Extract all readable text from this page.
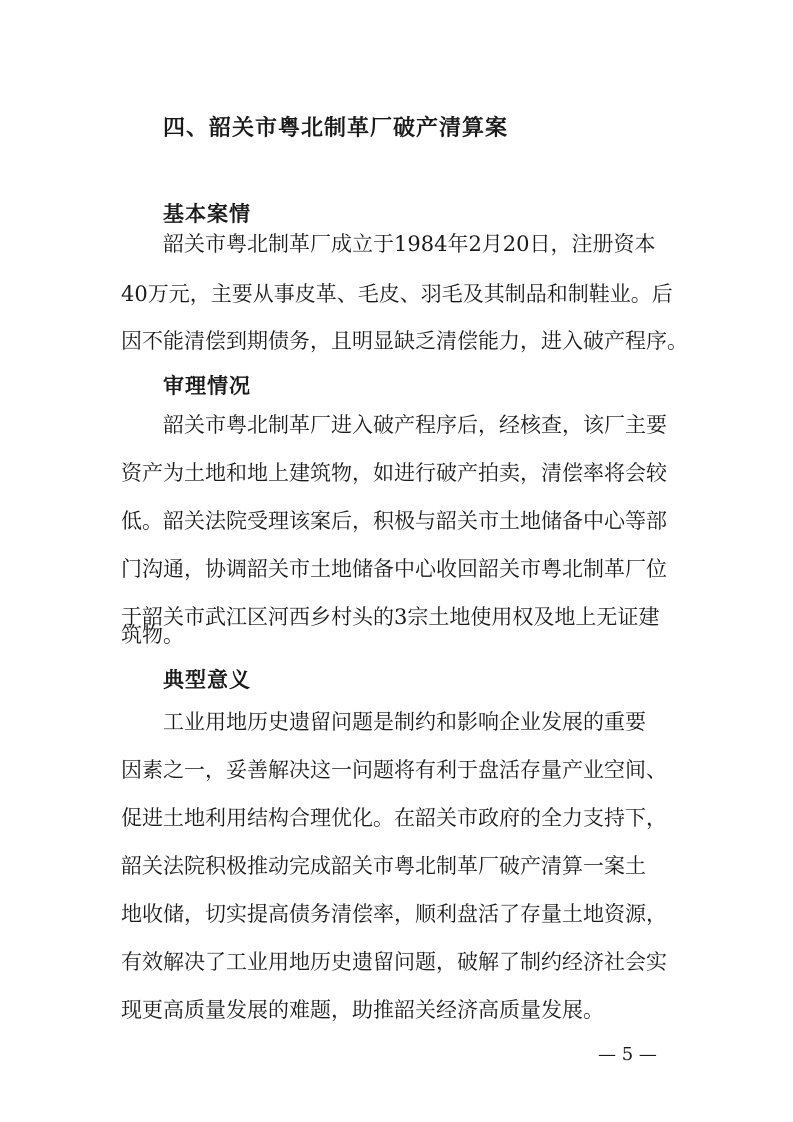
四、韶关市粤北制革厂破产清算案
基本案情

韶关市粤北制革厂成立于1984年2月20日，注册资本

40万元，主要从事皮革、毛皮、羽毛及其制品和制鞋业。后

因不能清偿到期债务，且明显缺乏清偿能力，进入破产程序。

审理情况

韶关市粤北制革厂进入破产程序后，经核查，该厂主要

资产为土地和地上建筑物，如进行破产拍卖，清偿率将会较

低。韶关法院受理该案后，积极与韶关市土地储备中心等部

门沟通，协调韶关市土地储备中心收回韶关市粤北制革厂位

于韶关市武江区河西乡村头的3宗土地使用权及地上无证建

筑物。

典型意义

工业用地历史遗留问题是制约和影响企业发展的重要

因素之一，妥善解决这一问题将有利于盘活存量产业空间、

促进土地利用结构合理优化。在韶关市政府的全力支持下，

韶关法院积极推动完成韶关市粤北制革厂破产清算一案土

地收储，切实提高债务清偿率，顺利盘活了存量土地资源，

有效解决了工业用地历史遗留问题，破解了制约经济社会实

现更高质量发展的难题，助推韶关经济高质量发展。

— 5 —
